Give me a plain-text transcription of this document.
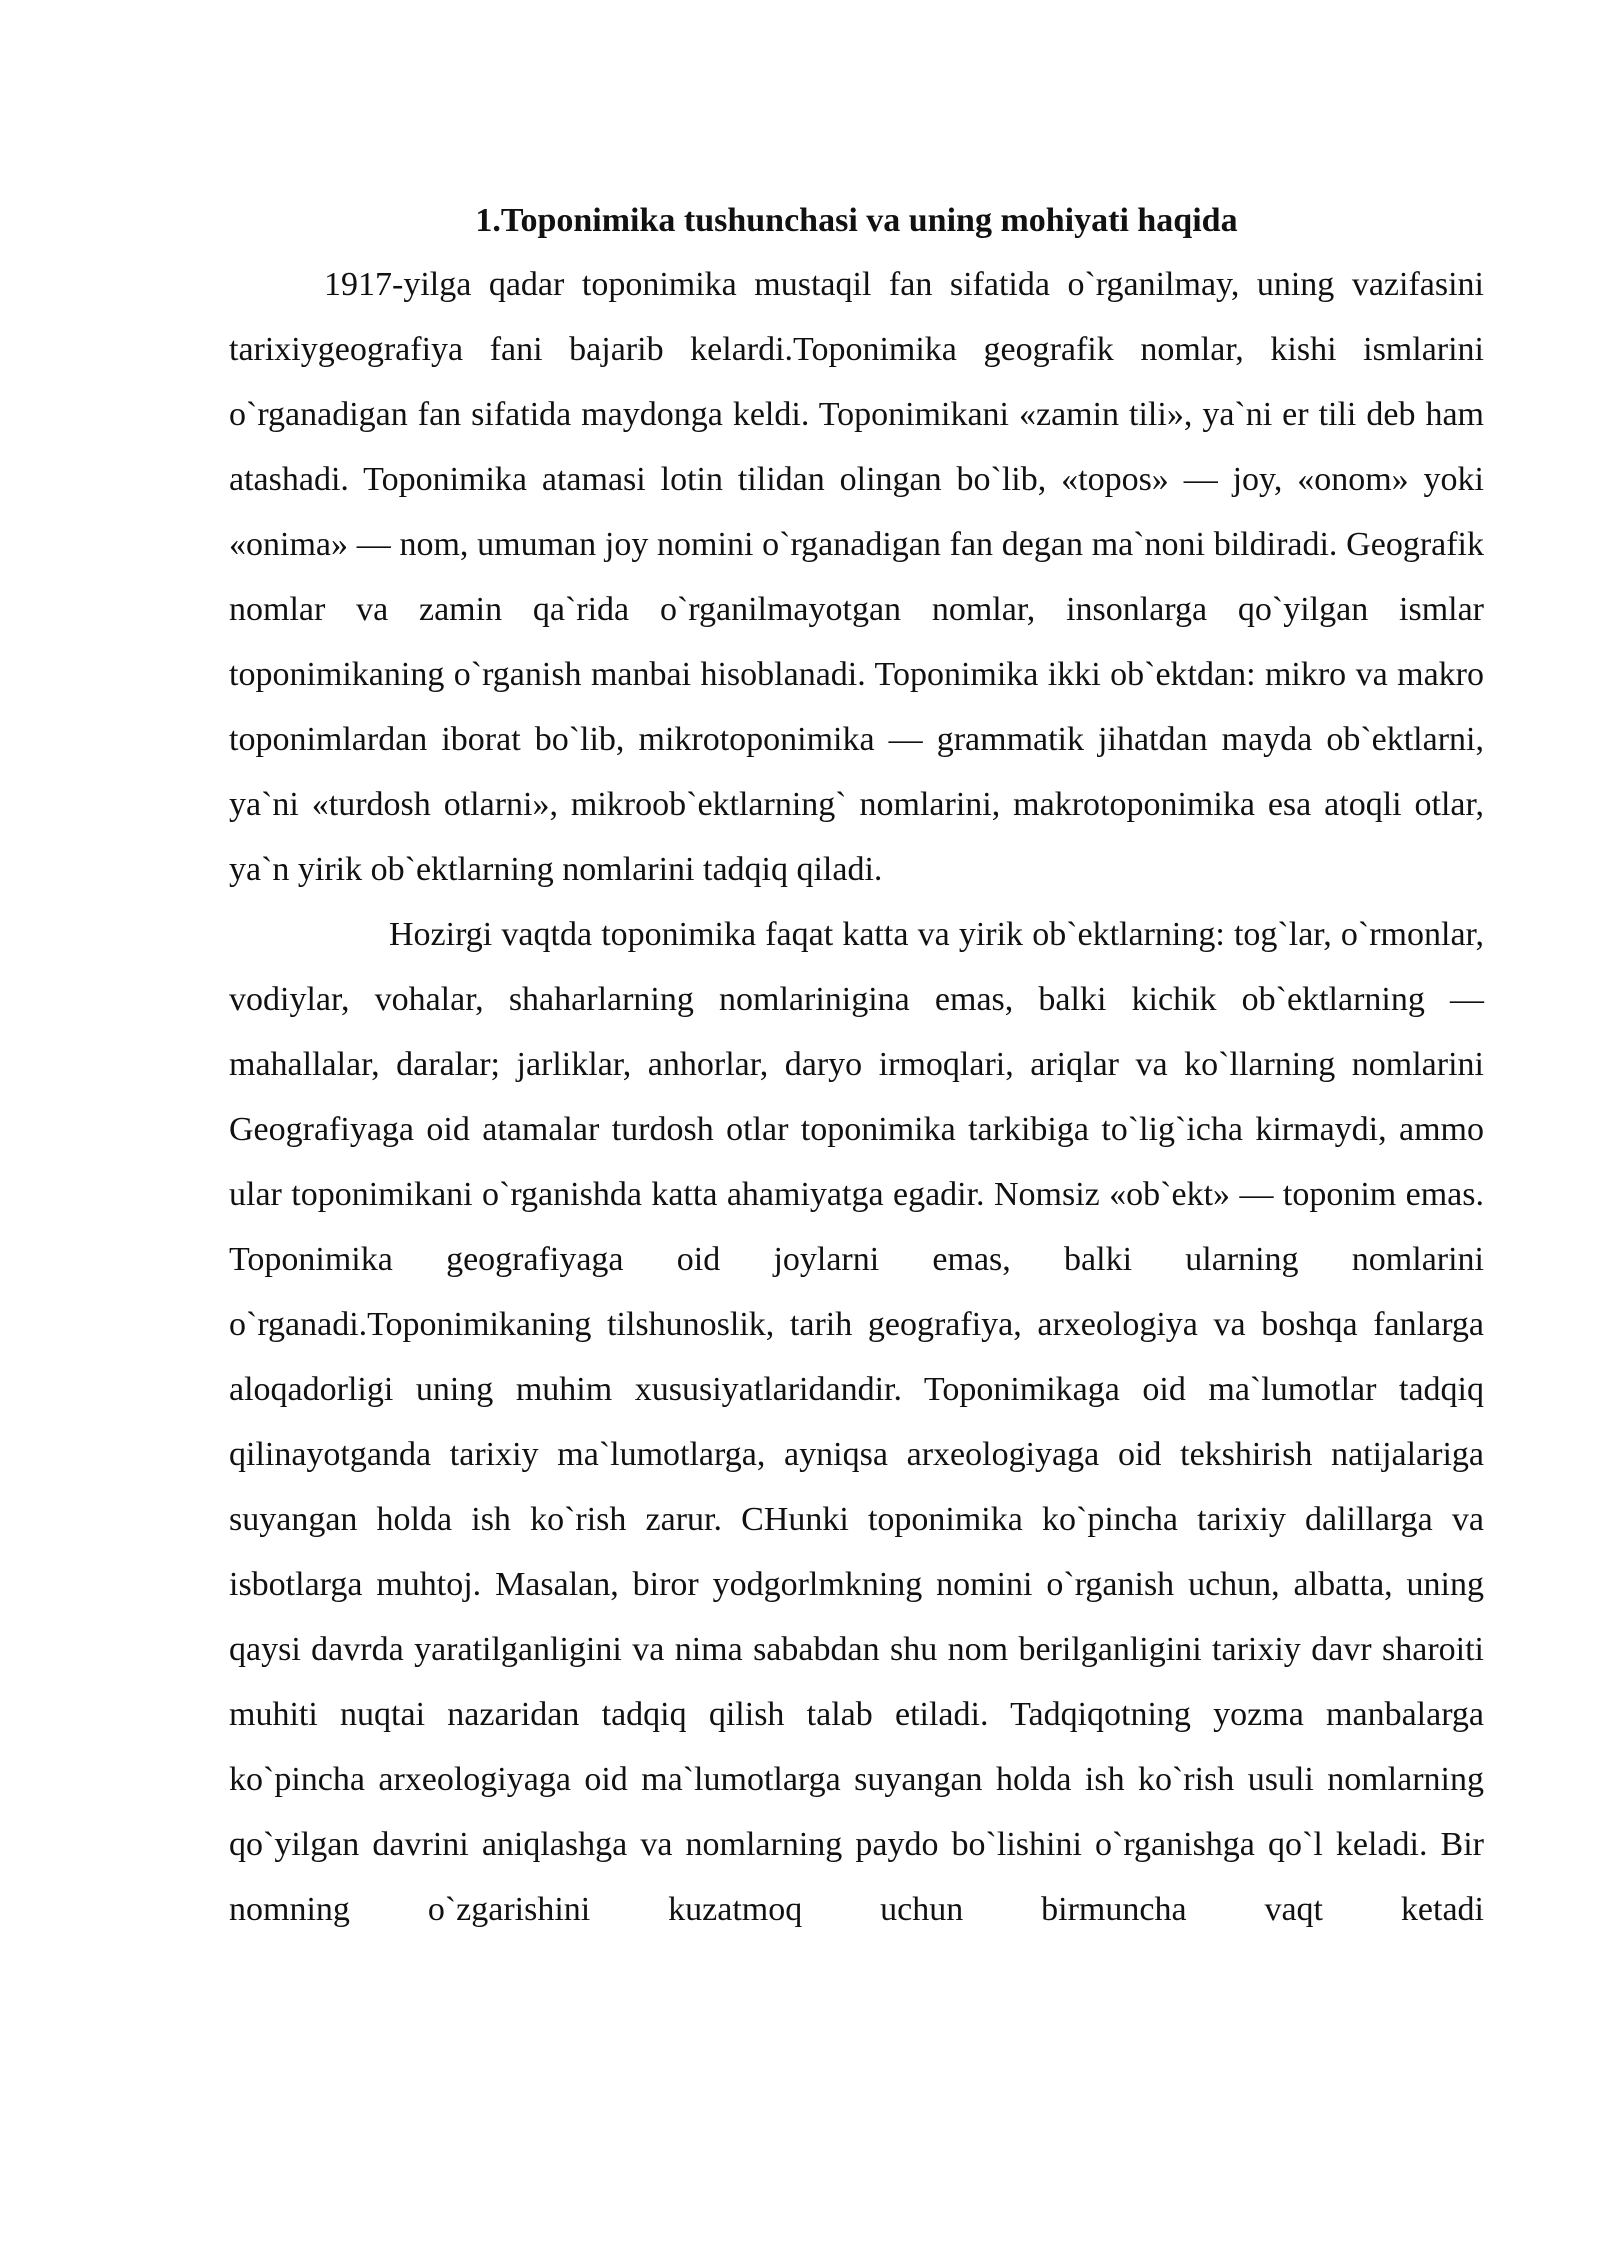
1.Toponimika tushunchasi va uning mohiyati haqida

1917-yilga qadar toponimika mustaqil fan sifatida o`rganilmay, uning vazifasini tarixiygeografiya fani bajarib kelardi.Toponimika geografik nomlar, kishi ismlarini o`rganadigan fan sifatida maydonga keldi. Toponimikani «zamin tili», ya`ni er tili deb ham atashadi. Toponimika atamasi lotin tilidan olingan bo`lib, «topos» — joy, «onom» yoki «onima» — nom, umuman joy nomini o`rganadigan fan degan ma`noni bildiradi. Geografik nomlar va zamin qa`rida o`rganilmayotgan nomlar, insonlarga qo`yilgan ismlar toponimikaning o`rganish manbai hisoblanadi. Toponimika ikki ob`ektdan: mikro va makro toponimlardan iborat bo`lib, mikrotoponimika — grammatik jihatdan mayda ob`ektlarni, ya`ni «turdosh otlarni», mikroob`ektlarning` nomlarini, makrotoponimika esa atoqli otlar, ya`n yirik ob`ektlarning nomlarini tadqiq qiladi.

Hozirgi vaqtda toponimika faqat katta va yirik ob`ektlarning: tog`lar, o`rmonlar, vodiylar, vohalar, shaharlarning nomlarinigina emas, balki kichik ob`ektlarning — mahallalar, daralar; jarliklar, anhorlar, daryo irmoqlari, ariqlar va ko`llarning nomlarini Geografiyaga oid atamalar turdosh otlar toponimika tarkibiga to`lig`icha kirmaydi, ammo ular toponimikani o`rganishda katta ahamiyatga egadir. Nomsiz «ob`ekt» — toponim emas. Toponimika geografiyaga oid joylarni emas, balki ularning nomlarini o`rganadi.Toponimikaning tilshunoslik, tarih geografiya, arxeologiya va boshqa fanlarga aloqadorligi uning muhim xususiyatlaridandir. Toponimikaga oid ma`lumotlar tadqiq qilinayotganda tarixiy ma`lumotlarga, ayniqsa arxeologiyaga oid tekshirish natijalariga suyangan holda ish ko`rish zarur. CHunki toponimika ko`pincha tarixiy dalillarga va isbotlarga muhtoj. Masalan, biror yodgorlmkning nomini o`rganish uchun, albatta, uning qaysi davrda yaratilganligini va nima sababdan shu nom berilganligini tarixiy davr sharoiti muhiti nuqtai nazaridan tadqiq qilish talab etiladi. Tadqiqotning yozma manbalarga ko`pincha arxeologiyaga oid ma`lumotlarga suyangan holda ish ko`rish usuli nomlarning qo`yilgan davrini aniqlashga va nomlarning paydo bo`lishini o`rganishga qo`l keladi. Bir nomning o`zgarishini kuzatmoq uchun birmuncha vaqt ketadi
